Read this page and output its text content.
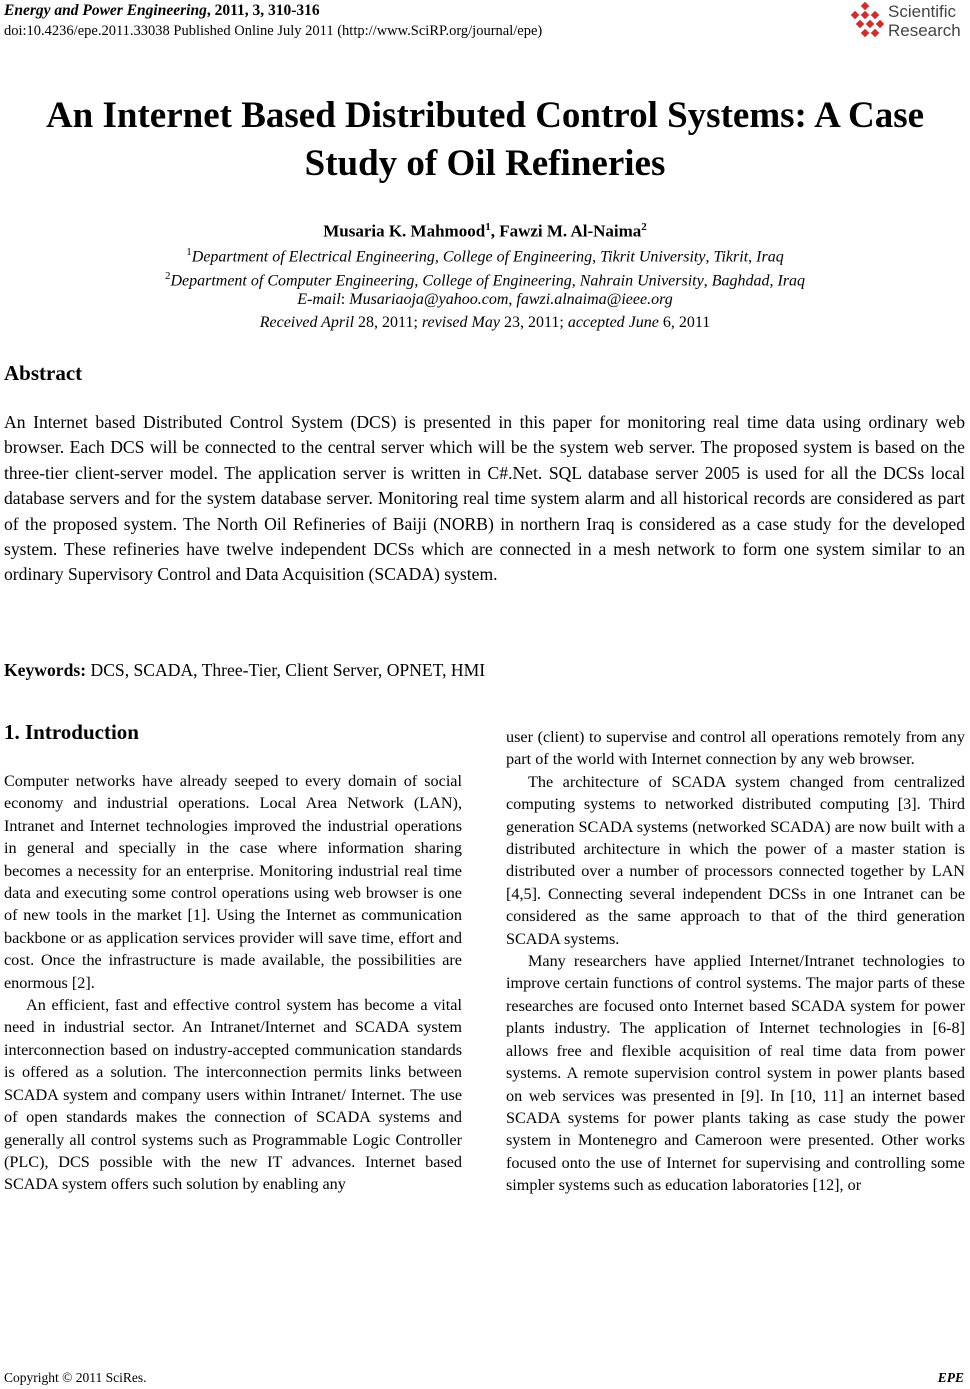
Energy and Power Engineering, 2011, 3, 310-316
doi:10.4236/epe.2011.33038 Published Online July 2011 (http://www.SciRP.org/journal/epe)
Scientific
Research
An Internet Based Distributed Control Systems: A Case
Study of Oil Refineries
Musaria K. Mahmood$^1$, Fawzi M. Al-Naima$^2$
$^1$Department of Electrical Engineering, College of Engineering, Tikrit University, Tikrit, Iraq
$^2$Department of Computer Engineering, College of Engineering, Nahrain University, Baghdad, Iraq
E-mail: Musariaoja@yahoo.com, fawzi.alnaima@ieee.org
Received April 28, 2011; revised May 23, 2011; accepted June 6, 2011
Abstract
An Internet based Distributed Control System (DCS) is presented in this paper for monitoring real time data using ordinary web browser. Each DCS will be connected to the central server which will be the system web server. The proposed system is based on the three-tier client-server model. The application server is written in C#.Net. SQL database server 2005 is used for all the DCSs local database servers and for the system database server. Monitoring real time system alarm and all historical records are considered as part of the proposed system. The North Oil Refineries of Baiji (NORB) in northern Iraq is considered as a case study for the developed system. These refineries have twelve independent DCSs which are connected in a mesh network to form one system similar to an ordinary Supervisory Control and Data Acquisition (SCADA) system.
Keywords: DCS, SCADA, Three-Tier, Client Server, OPNET, HMI
1. Introduction

Computer networks have already seeped to every domain of social economy and industrial operations. Local Area Network (LAN), Intranet and Internet technologies improved the industrial operations in general and specially in the case where information sharing becomes a necessity for an enterprise. Monitoring industrial real time data and executing some control operations using web browser is one of new tools in the market [1]. Using the Internet as communication backbone or as application services provider will save time, effort and cost. Once the infrastructure is made available, the possibilities are enormous [2].

An efficient, fast and effective control system has become a vital need in industrial sector. An Intranet/Internet and SCADA system interconnection based on industry-accepted communication standards is offered as a solution. The interconnection permits links between SCADA system and company users within Intranet/ Internet. The use of open standards makes the connection of SCADA systems and generally all control systems such as Programmable Logic Controller (PLC), DCS possible with the new IT advances. Internet based SCADA system offers such solution by enabling any

user (client) to supervise and control all operations remotely from any part of the world with Internet connection by any web browser.

The architecture of SCADA system changed from centralized computing systems to networked distributed computing [3]. Third generation SCADA systems (networked SCADA) are now built with a distributed architecture in which the power of a master station is distributed over a number of processors connected together by LAN [4,5]. Connecting several independent DCSs in one Intranet can be considered as the same approach to that of the third generation SCADA systems.

Many researchers have applied Internet/Intranet technologies to improve certain functions of control systems. The major parts of these researches are focused onto Internet based SCADA system for power plants industry. The application of Internet technologies in [6-8] allows free and flexible acquisition of real time data from power systems. A remote supervision control system in power plants based on web services was presented in [9]. In [10, 11] an internet based SCADA systems for power plants taking as case study the power system in Montenegro and Cameroon were presented. Other works focused onto the use of Internet for supervising and controlling some simpler systems such as education laboratories [12], or

Copyright © 2011 SciRes.	EPE
